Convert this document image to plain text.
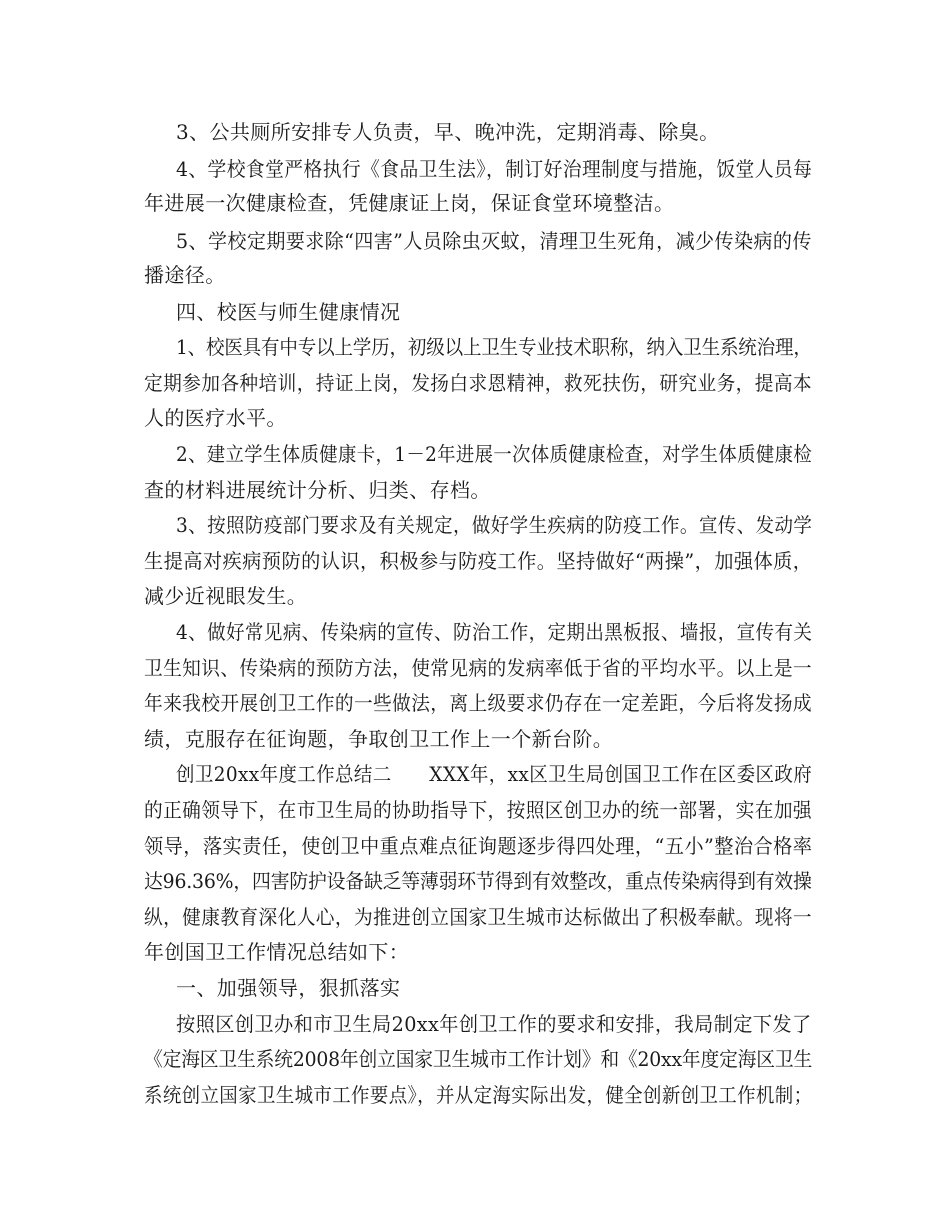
3、公共厕所安排专人负责，早、晚冲洗，定期消毒、除臭。
4、学校食堂严格执行《食品卫生法》，制订好治理制度与措施，饭堂人员每
年进展一次健康检查，凭健康证上岗，保证食堂环境整洁。
5、学校定期要求除“四害”人员除虫灭蚊，清理卫生死角，减少传染病的传
播途径。
四、校医与师生健康情况
1、校医具有中专以上学历，初级以上卫生专业技术职称，纳入卫生系统治理，
定期参加各种培训，持证上岗，发扬白求恩精神，救死扶伤，研究业务，提高本
人的医疗水平。
2、建立学生体质健康卡，1－2年进展一次体质健康检查，对学生体质健康检
查的材料进展统计分析、归类、存档。
3、按照防疫部门要求及有关规定，做好学生疾病的防疫工作。宣传、发动学
生提高对疾病预防的认识，积极参与防疫工作。坚持做好“两操”，加强体质，
减少近视眼发生。
4、做好常见病、传染病的宣传、防治工作，定期出黑板报、墙报，宣传有关
卫生知识、传染病的预防方法，使常见病的发病率低于省的平均水平。以上是一
年来我校开展创卫工作的一些做法，离上级要求仍存在一定差距，今后将发扬成
绩，克服存在征询题，争取创卫工作上一个新台阶。
创卫20xx年度工作总结二　　XXX年，xx区卫生局创国卫工作在区委区政府
的正确领导下，在市卫生局的协助指导下，按照区创卫办的统一部署，实在加强
领导，落实责任，使创卫中重点难点征询题逐步得四处理，“五小”整治合格率
达96.36%，四害防护设备缺乏等薄弱环节得到有效整改，重点传染病得到有效操
纵，健康教育深化人心，为推进创立国家卫生城市达标做出了积极奉献。现将一
年创国卫工作情况总结如下：
一、加强领导，狠抓落实
按照区创卫办和市卫生局20xx年创卫工作的要求和安排，我局制定下发了
《定海区卫生系统2008年创立国家卫生城市工作计划》和《20xx年度定海区卫生
系统创立国家卫生城市工作要点》，并从定海实际出发，健全创新创卫工作机制；
